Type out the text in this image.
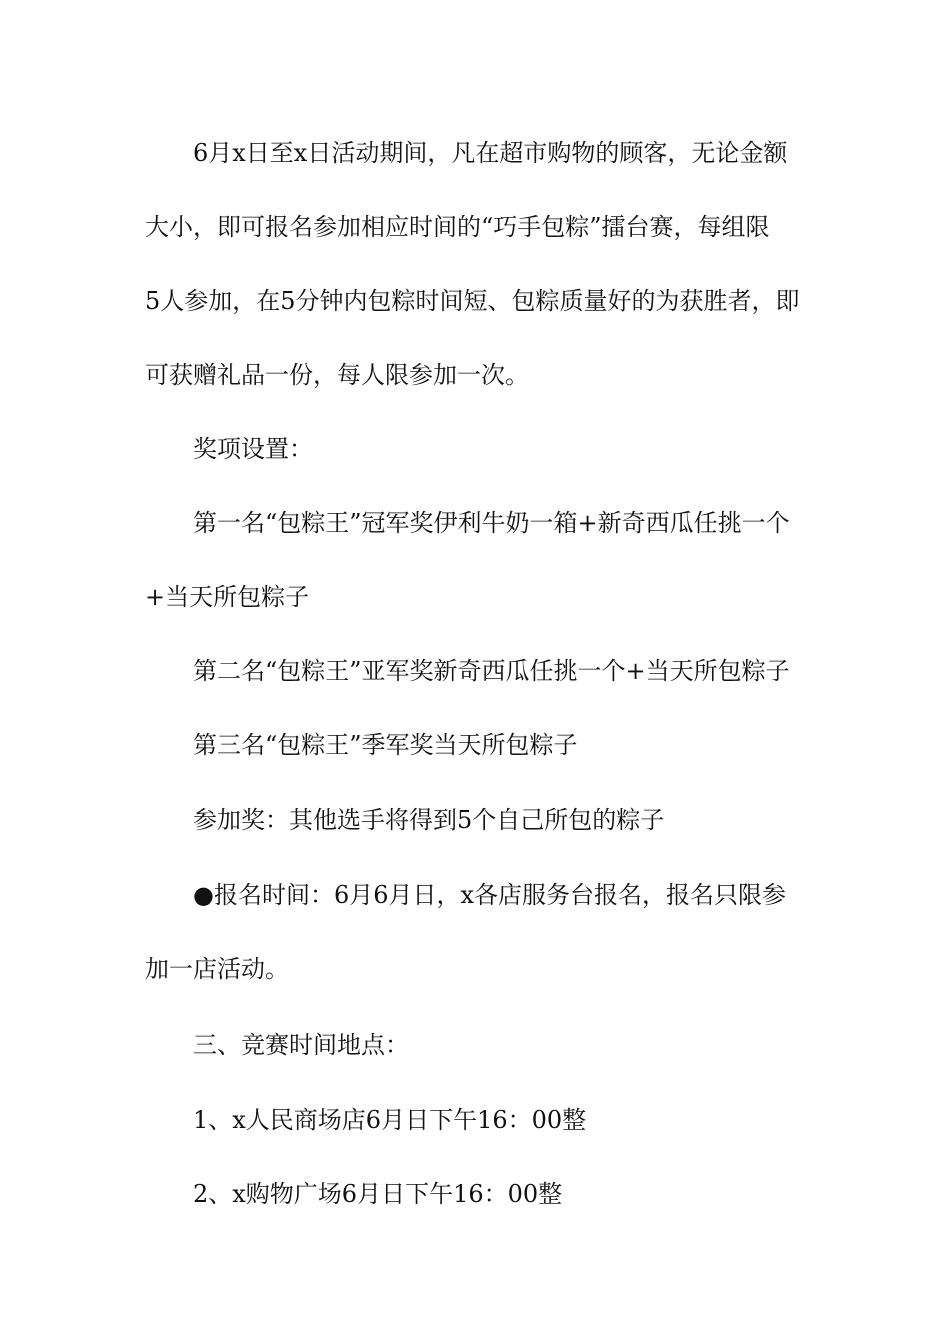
6月x日至x日活动期间，凡在超市购物的顾客，无论金额
大小，即可报名参加相应时间的“巧手包粽”擂台赛，每组限
5人参加，在5分钟内包粽时间短、包粽质量好的为获胜者，即
可获赠礼品一份，每人限参加一次。
奖项设置：
第一名“包粽王”冠军奖伊利牛奶一箱+新奇西瓜任挑一个
+当天所包粽子
第二名“包粽王”亚军奖新奇西瓜任挑一个+当天所包粽子
第三名“包粽王”季军奖当天所包粽子
参加奖：其他选手将得到5个自己所包的粽子
●报名时间：6月6月日，x各店服务台报名，报名只限参
加一店活动。
三、竞赛时间地点：
1、x人民商场店6月日下午16：00整
2、x购物广场6月日下午16：00整
